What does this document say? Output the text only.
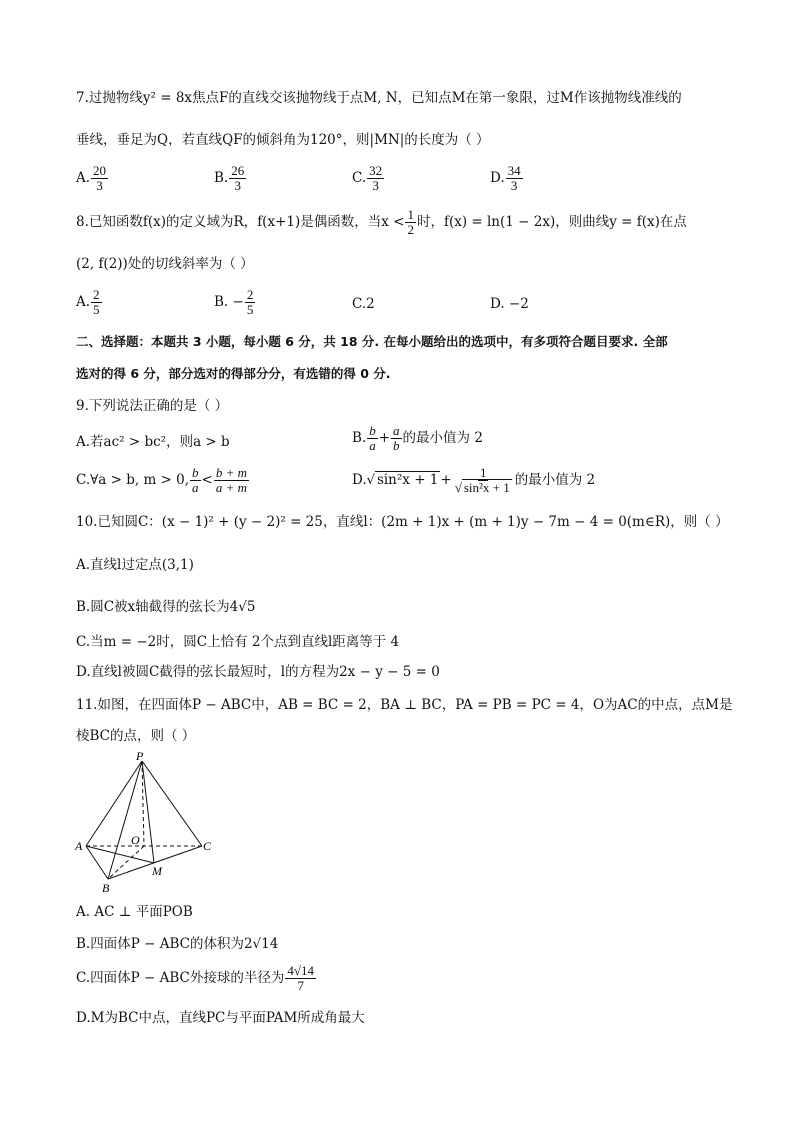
7.过抛物线y² = 8x焦点F的直线交该抛物线于点M, N，已知点M在第一象限，过M作该抛物线准线的
垂线，垂足为Q，若直线QF的倾斜角为120°，则|MN|的长度为（ ）
A. $\frac{20}{3}$	B. $\frac{26}{3}$	C. $\frac{32}{3}$	D. $\frac{34}{3}$
8.已知函数f(x)的定义域为R，f(x+1)是偶函数，当$x < \frac{1}{2}$ 时，f(x) = ln(1 − 2x)，则曲线y = f(x)在点
(2, f(2))处的切线斜率为（ ）
A. $\frac{2}{5}$	B. − $\frac{2}{5}$	C.2	D. −2
二、选择题：本题共 3 小题，每小题 6 分，共 18 分. 在每小题给出的选项中，有多项符合题目要求. 全部
选对的得 6 分，部分选对的得部分分，有选错的得 0 分.
9.下列说法正确的是（ ）
A.若ac² > bc²，则a > b	B. $\frac{b}{a} + \frac{a}{b}$ 的最小值为 2
C.∀a > b, m > 0, $\frac{b}{a} < \frac{b + m}{a + m}$	D.√ $\sin^2x + 1 + \frac{1}{\text{√ sin²x + 1}}$ 的最小值为 2
10.已知圆C：(x − 1)² + (y − 2)² = 25，直线l：(2m + 1)x + (m + 1)y − 7m − 4 = 0(m∈R)，则（ ）
A.直线l过定点(3,1)
B.圆C被x轴截得的弦长为4√5
C.当m = −2时，圆C上恰有 2个点到直线l距离等于 4
D.直线l被圆C截得的弦长最短时，l的方程为2x − y − 5 = 0
11.如图，在四面体P − ABC中，AB = BC = 2，BA ⊥ BC，PA = PB = PC = 4，O为AC的中点，点M是
棱BC的点，则（ ）
P
A
B
C
O
M
A. AC ⊥ 平面POB
B.四面体P − ABC的体积为2√14
C.四面体P − ABC外接球的半径为 $\frac{4√14}{7}$
D.M为BC中点，直线PC与平面PAM所成角最大
